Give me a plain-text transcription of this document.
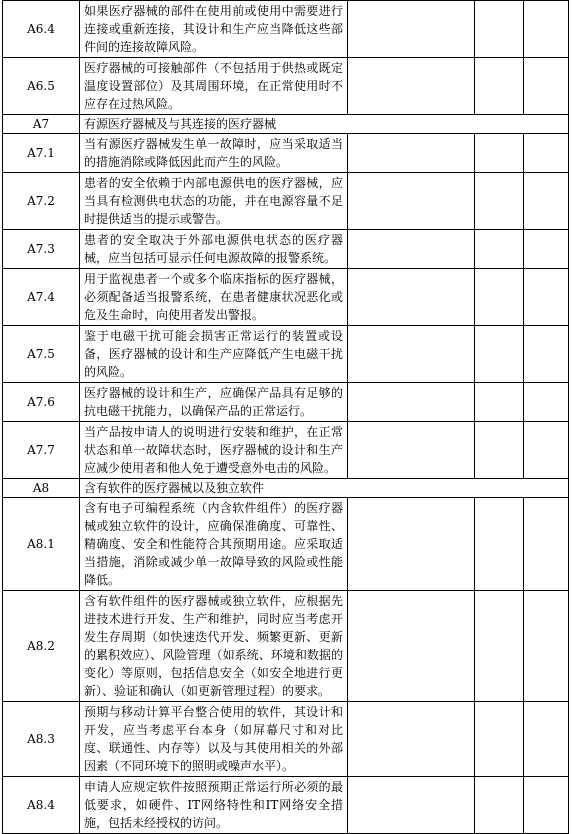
A6.4	如果医疗器械的部件在使用前或使用中需要进行连接或重新连接，其设计和生产应当降低这些部件间的连接故障风险。			
A6.5	医疗器械的可接触部件（不包括用于供热或既定温度设置部位）及其周围环境，在正常使用时不应存在过热风险。			
A7	有源医疗器械及与其连接的医疗器械			
A7.1	当有源医疗器械发生单一故障时，应当采取适当的措施消除或降低因此而产生的风险。			
A7.2	患者的安全依赖于内部电源供电的医疗器械，应当具有检测供电状态的功能，并在电源容量不足时提供适当的提示或警告。			
A7.3	患者的安全取决于外部电源供电状态的医疗器械，应当包括可显示任何电源故障的报警系统。			
A7.4	用于监视患者一个或多个临床指标的医疗器械，必须配备适当报警系统，在患者健康状况恶化或危及生命时，向使用者发出警报。			
A7.5	鉴于电磁干扰可能会损害正常运行的装置或设备，医疗器械的设计和生产应降低产生电磁干扰的风险。			
A7.6	医疗器械的设计和生产，应确保产品具有足够的抗电磁干扰能力，以确保产品的正常运行。			
A7.7	当产品按申请人的说明进行安装和维护，在正常状态和单一故障状态时，医疗器械的设计和生产应减少使用者和他人免于遭受意外电击的风险。			
A8	含有软件的医疗器械以及独立软件			
A8.1	含有电子可编程系统（内含软件组件）的医疗器械或独立软件的设计，应确保准确度、可靠性、精确度、安全和性能符合其预期用途。应采取适当措施，消除或减少单一故障导致的风险或性能降低。			
A8.2	含有软件组件的医疗器械或独立软件，应根据先进技术进行开发、生产和维护，同时应当考虑开发生存周期（如快速迭代开发、频繁更新、更新的累积效应）、风险管理（如系统、环境和数据的变化）等原则，包括信息安全（如安全地进行更新）、验证和确认（如更新管理过程）的要求。			
A8.3	预期与移动计算平台整合使用的软件，其设计和开发，应当考虑平台本身（如屏幕尺寸和对比度、联通性、内存等）以及与其使用相关的外部因素（不同环境下的照明或噪声水平）。			
A8.4	申请人应规定软件按照预期正常运行所必须的最低要求，如硬件、IT网络特性和IT网络安全措施，包括未经授权的访问。			
